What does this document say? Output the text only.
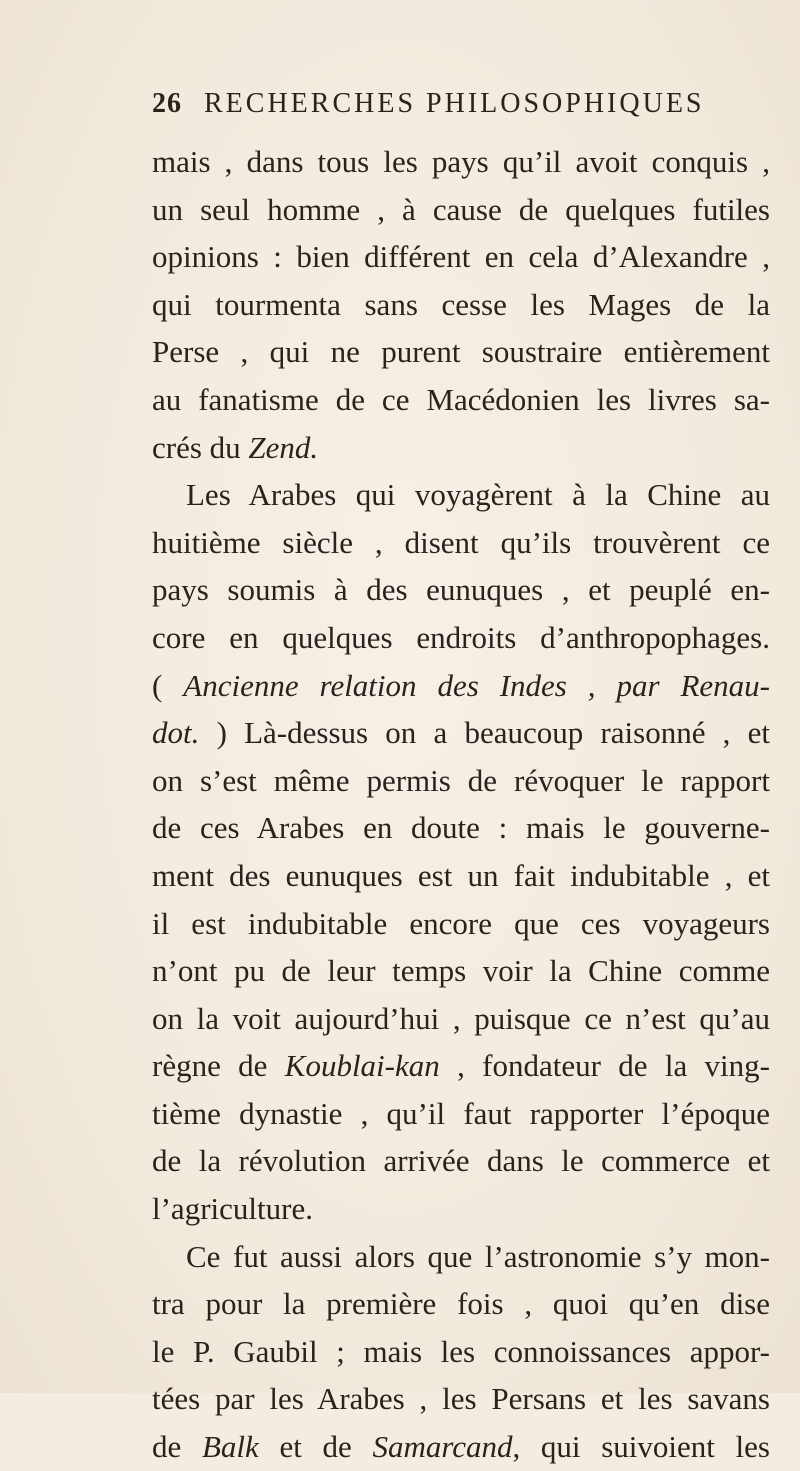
26 RECHERCHES PHILOSOPHIQUES
mais , dans tous les pays qu’il avoit conquis ,
un seul homme , à cause de quelques futiles
opinions : bien différent en cela d’Alexandre ,
qui tourmenta sans cesse les Mages de la
Perse , qui ne purent soustraire entièrement
au fanatisme de ce Macédonien les livres sa-
crés du Zend.
Les Arabes qui voyagèrent à la Chine au
huitième siècle , disent qu’ils trouvèrent ce
pays soumis à des eunuques , et peuplé en-
core en quelques endroits d’anthropophages.
( Ancienne relation des Indes , par Renau-
dot. ) Là-dessus on a beaucoup raisonné , et
on s’est même permis de révoquer le rapport
de ces Arabes en doute : mais le gouverne-
ment des eunuques est un fait indubitable , et
il est indubitable encore que ces voyageurs
n’ont pu de leur temps voir la Chine comme
on la voit aujourd’hui , puisque ce n’est qu’au
règne de Koublai-kan , fondateur de la ving-
tième dynastie , qu’il faut rapporter l’époque
de la révolution arrivée dans le commerce et
l’agriculture.
Ce fut aussi alors que l’astronomie s’y mon-
tra pour la première fois , quoi qu’en dise
le P. Gaubil ; mais les connoissances appor-
tées par les Arabes , les Persans et les savans
de Balk et de Samarcand, qui suivoient les
